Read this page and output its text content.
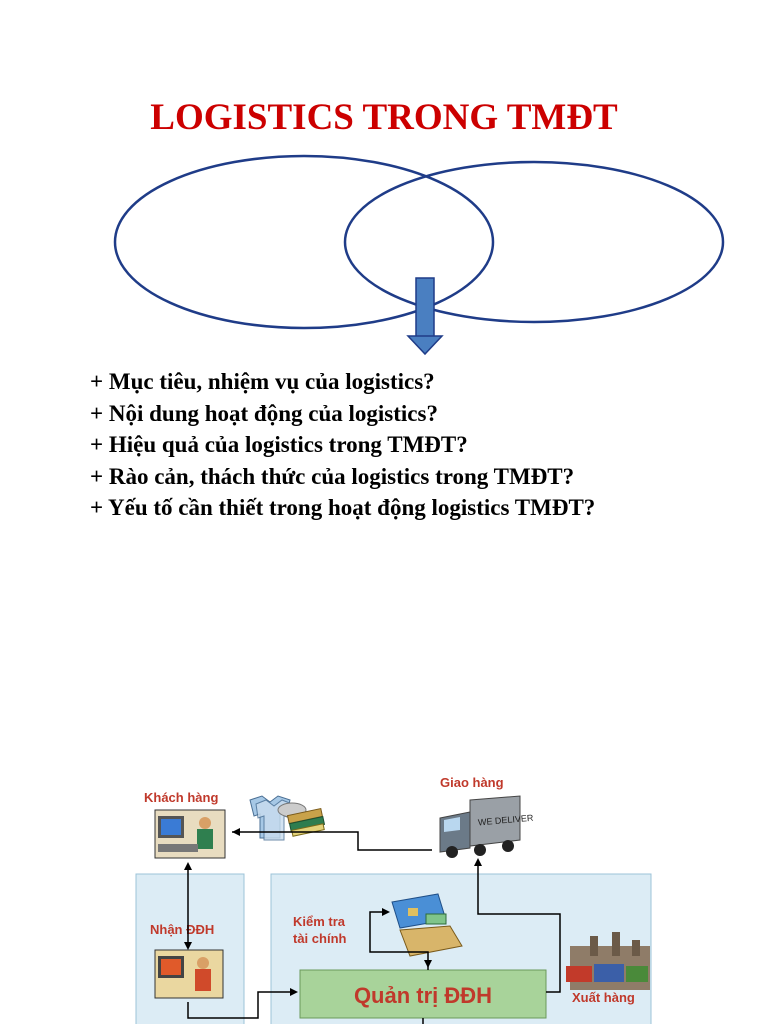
LOGISTICS TRONG TMĐT
+ Mục tiêu, nhiệm vụ của logistics?
+ Nội dung hoạt động của logistics?
+ Hiệu quả của logistics trong TMĐT?
+ Rào cản, thách thức của logistics trong TMĐT?
+ Yếu tố cần thiết trong hoạt động logistics TMĐT?
Khách hàng
Giao hàng
Nhận ĐĐH
Kiểm tra
tài chính
Xuất hàng
WE DELIVER
Quản trị ĐĐH
